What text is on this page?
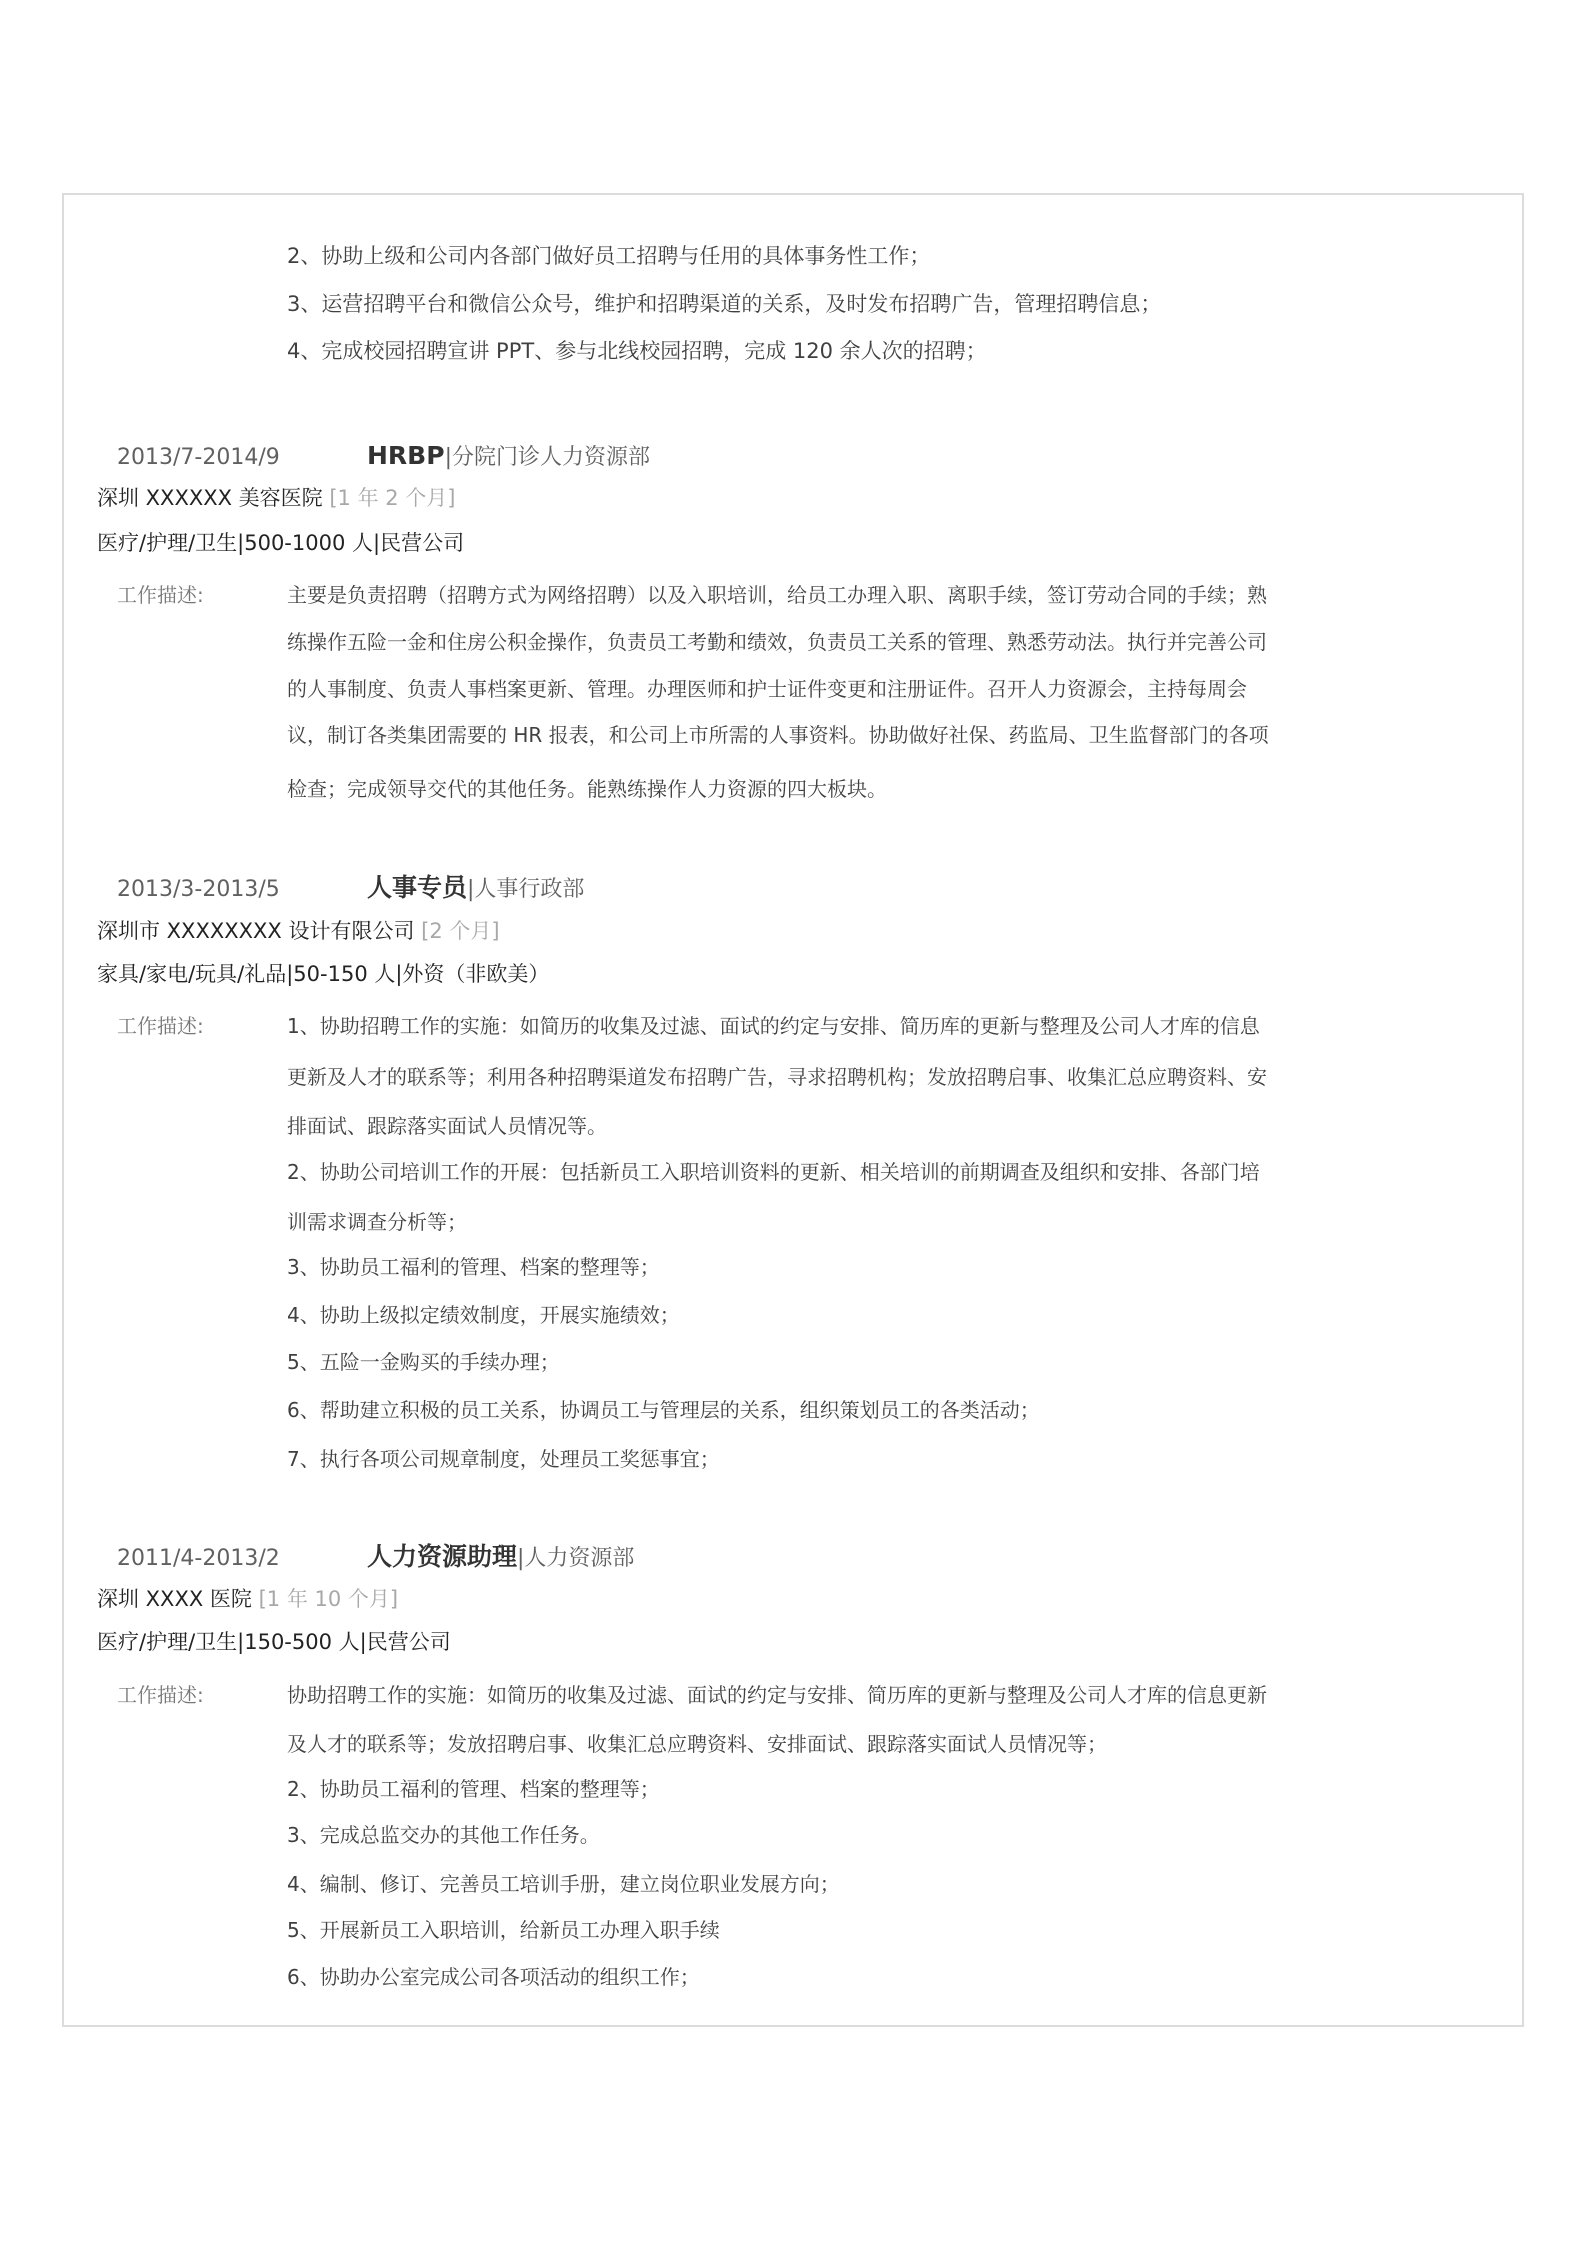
2、协助上级和公司内各部门做好员工招聘与任用的具体事务性工作；
3、运营招聘平台和微信公众号，维护和招聘渠道的关系，及时发布招聘广告，管理招聘信息；
4、完成校园招聘宣讲 PPT、参与北线校园招聘，完成 120 余人次的招聘；
2013/7-2014/9	HRBP|分院门诊人力资源部
深圳 XXXXXX 美容医院 [1 年 2 个月]
医疗/护理/卫生|500-1000 人|民营公司
工作描述:	主要是负责招聘（招聘方式为网络招聘）以及入职培训，给员工办理入职、离职手续，签订劳动合同的手续；熟
练操作五险一金和住房公积金操作，负责员工考勤和绩效，负责员工关系的管理、熟悉劳动法。执行并完善公司
的人事制度、负责人事档案更新、管理。办理医师和护士证件变更和注册证件。召开人力资源会，主持每周会
议，制订各类集团需要的 HR 报表，和公司上市所需的人事资料。协助做好社保、药监局、卫生监督部门的各项
检查；完成领导交代的其他任务。能熟练操作人力资源的四大板块。
2013/3-2013/5	人事专员|人事行政部
深圳市 XXXXXXXX 设计有限公司 [2 个月]
家具/家电/玩具/礼品|50-150 人|外资（非欧美）
工作描述:	1、协助招聘工作的实施：如简历的收集及过滤、面试的约定与安排、简历库的更新与整理及公司人才库的信息
更新及人才的联系等；利用各种招聘渠道发布招聘广告，寻求招聘机构；发放招聘启事、收集汇总应聘资料、安
排面试、跟踪落实面试人员情况等。
2、协助公司培训工作的开展：包括新员工入职培训资料的更新、相关培训的前期调查及组织和安排、各部门培
训需求调查分析等；
3、协助员工福利的管理、档案的整理等；
4、协助上级拟定绩效制度，开展实施绩效；
5、五险一金购买的手续办理；
6、帮助建立积极的员工关系，协调员工与管理层的关系，组织策划员工的各类活动；
7、执行各项公司规章制度，处理员工奖惩事宜；
2011/4-2013/2	人力资源助理|人力资源部
深圳 XXXX 医院 [1 年 10 个月]
医疗/护理/卫生|150-500 人|民营公司
工作描述:	协助招聘工作的实施：如简历的收集及过滤、面试的约定与安排、简历库的更新与整理及公司人才库的信息更新
及人才的联系等；发放招聘启事、收集汇总应聘资料、安排面试、跟踪落实面试人员情况等；
2、协助员工福利的管理、档案的整理等；
3、完成总监交办的其他工作任务。
4、编制、修订、完善员工培训手册，建立岗位职业发展方向；
5、开展新员工入职培训，给新员工办理入职手续
6、协助办公室完成公司各项活动的组织工作；
